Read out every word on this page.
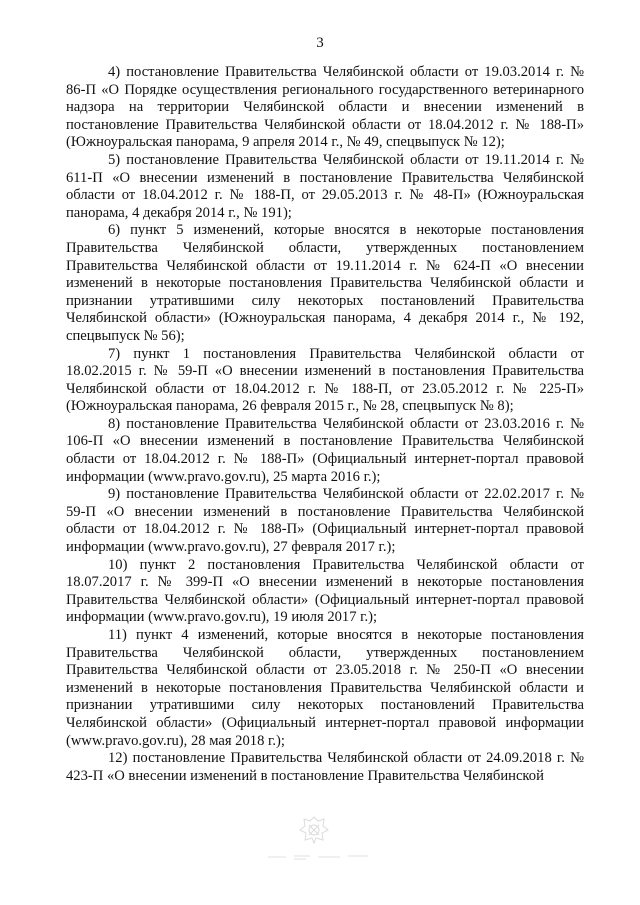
3

4) постановление Правительства Челябинской области от 19.03.2014 г. № 86-П «О Порядке осуществления регионального государственного ветеринарного надзора на территории Челябинской области и внесении изменений в постановление Правительства Челябинской области от 18.04.2012 г. № 188-П» (Южноуральская панорама, 9 апреля 2014 г., № 49, спецвыпуск № 12);

5) постановление Правительства Челябинской области от 19.11.2014 г. № 611-П «О внесении изменений в постановление Правительства Челябинской области от 18.04.2012 г. № 188-П, от 29.05.2013 г. № 48-П» (Южноуральская панорама, 4 декабря 2014 г., № 191);

6) пункт 5 изменений, которые вносятся в некоторые постановления Правительства Челябинской области, утвержденных постановлением Правительства Челябинской области от 19.11.2014 г. № 624-П «О внесении изменений в некоторые постановления Правительства Челябинской области и признании утратившими силу некоторых постановлений Правительства Челябинской области» (Южноуральская панорама, 4 декабря 2014 г., № 192, спецвыпуск № 56);

7) пункт 1 постановления Правительства Челябинской области от 18.02.2015 г. № 59-П «О внесении изменений в постановления Правительства Челябинской области от 18.04.2012 г. № 188-П, от 23.05.2012 г. № 225-П» (Южноуральская панорама, 26 февраля 2015 г., № 28, спецвыпуск № 8);

8) постановление Правительства Челябинской области от 23.03.2016 г. № 106-П «О внесении изменений в постановление Правительства Челябинской области от 18.04.2012 г. № 188-П» (Официальный интернет-портал правовой информации (www.pravo.gov.ru), 25 марта 2016 г.);

9) постановление Правительства Челябинской области от 22.02.2017 г. № 59-П «О внесении изменений в постановление Правительства Челябинской области от 18.04.2012 г. № 188-П» (Официальный интернет-портал правовой информации (www.pravo.gov.ru), 27 февраля 2017 г.);

10) пункт 2 постановления Правительства Челябинской области от 18.07.2017 г. № 399-П «О внесении изменений в некоторые постановления Правительства Челябинской области» (Официальный интернет-портал правовой информации (www.pravo.gov.ru), 19 июля 2017 г.);

11) пункт 4 изменений, которые вносятся в некоторые постановления Правительства Челябинской области, утвержденных постановлением Правительства Челябинской области от 23.05.2018 г. № 250-П «О внесении изменений в некоторые постановления Правительства Челябинской области и признании утратившими силу некоторых постановлений Правительства Челябинской области» (Официальный интернет-портал правовой информации (www.pravo.gov.ru), 28 мая 2018 г.);

12) постановление Правительства Челябинской области от 24.09.2018 г. № 423-П «О внесении изменений в постановление Правительства Челябинской
